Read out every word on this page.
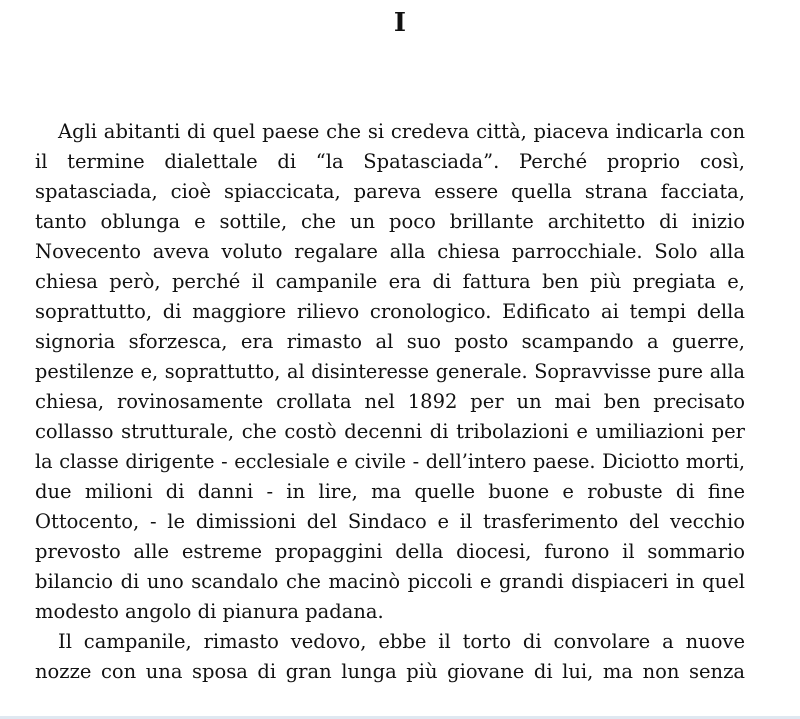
I
Agli abitanti di quel paese che si credeva città, piaceva indicarla con
il termine dialettale di “la Spatasciada”. Perché proprio così,
spatasciada, cioè spiaccicata, pareva essere quella strana facciata,
tanto oblunga e sottile, che un poco brillante architetto di inizio
Novecento aveva voluto regalare alla chiesa parrocchiale. Solo alla
chiesa però, perché il campanile era di fattura ben più pregiata e,
soprattutto, di maggiore rilievo cronologico. Edificato ai tempi della
signoria sforzesca, era rimasto al suo posto scampando a guerre,
pestilenze e, soprattutto, al disinteresse generale. Sopravvisse pure alla
chiesa, rovinosamente crollata nel 1892 per un mai ben precisato
collasso strutturale, che costò decenni di tribolazioni e umiliazioni per
la classe dirigente - ecclesiale e civile - dell’intero paese. Diciotto morti,
due milioni di danni - in lire, ma quelle buone e robuste di fine
Ottocento, - le dimissioni del Sindaco e il trasferimento del vecchio
prevosto alle estreme propaggini della diocesi, furono il sommario
bilancio di uno scandalo che macinò piccoli e grandi dispiaceri in quel
modesto angolo di pianura padana.
Il campanile, rimasto vedovo, ebbe il torto di convolare a nuove
nozze con una sposa di gran lunga più giovane di lui, ma non senza
